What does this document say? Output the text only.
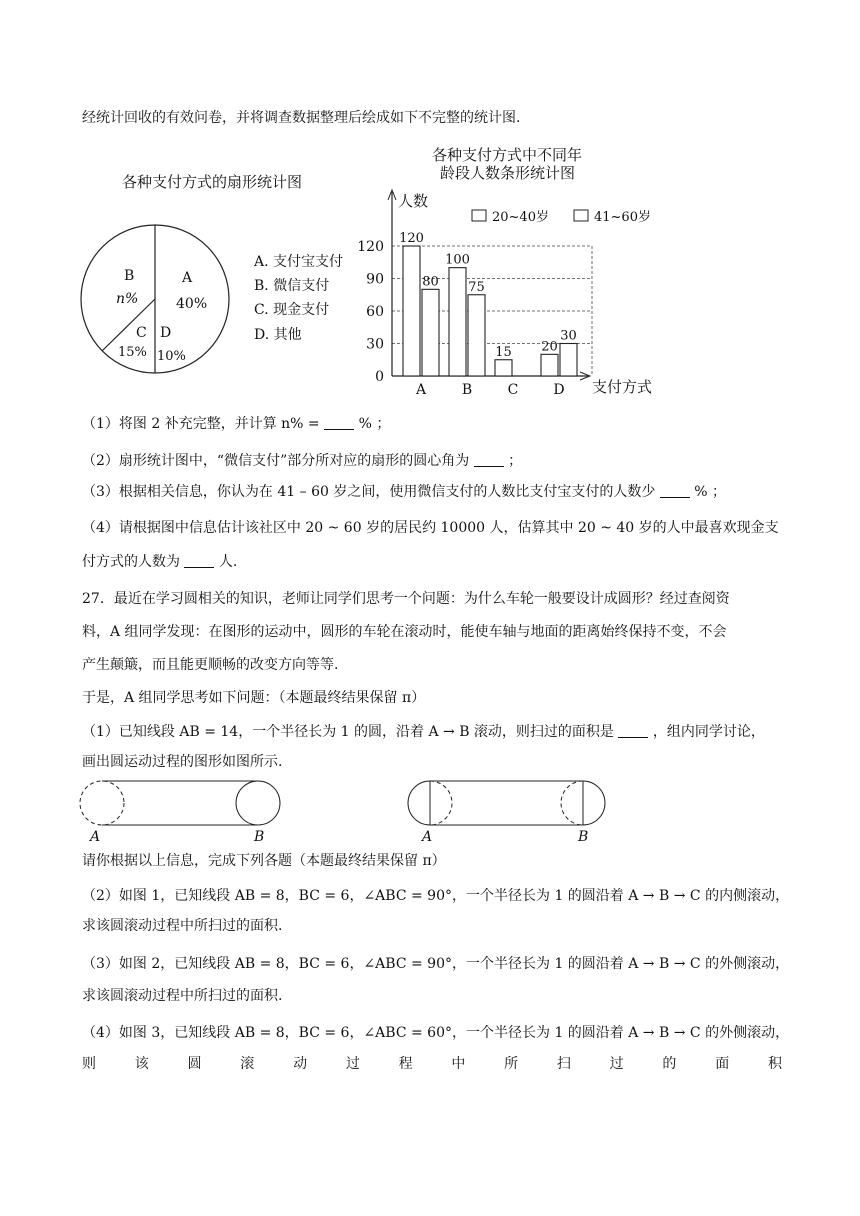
经统计回收的有效问卷，并将调查数据整理后绘成如下不完整的统计图.
各种支付方式的扇形统计图
A
40%
B
n%
C
15%
D
10%
A. 支付宝支付
B. 微信支付
C. 现金支付
D. 其他
各种支付方式中不同年
龄段人数条形统计图
人数
支付方式
20~40岁	41~60岁
0
30
60
90
120
120
80
100
75
15 20
30
A	B	C	D
（1）将图 2 补充完整，并计算 n% =	% ；
（2）扇形统计图中，“微信支付”部分所对应的扇形的圆心角为	；
（3）根据相关信息，你认为在 41 – 60 岁之间，使用微信支付的人数比支付宝支付的人数少	% ；
（4）请根据图中信息估计该社区中 20 ~ 60 岁的居民约 10000 人，估算其中 20 ~ 40 岁的人中最喜欢现金支
付方式的人数为	人.
27．最近在学习圆相关的知识，老师让同学们思考一个问题：为什么车轮一般要设计成圆形？经过查阅资
料，A 组同学发现：在图形的运动中，圆形的车轮在滚动时，能使车轴与地面的距离始终保持不变，不会
产生颠簸，而且能更顺畅的改变方向等等.
于是，A 组同学思考如下问题：（本题最终结果保留 π）
（1）已知线段 AB = 14，一个半径长为 1 的圆，沿着 A → B 滚动，则扫过的面积是	，组内同学讨论，
画出圆运动过程的图形如图所示.
A	B	A	B
请你根据以上信息，完成下列各题（本题最终结果保留 π）
（2）如图 1，已知线段 AB = 8，BC = 6，∠ABC = 90°，一个半径长为 1 的圆沿着 A → B → C 的内侧滚动，
求该圆滚动过程中所扫过的面积.
（3）如图 2，已知线段 AB = 8，BC = 6，∠ABC = 90°，一个半径长为 1 的圆沿着 A → B → C 的外侧滚动，
求该圆滚动过程中所扫过的面积.
（4）如图 3，已知线段 AB = 8，BC = 6，∠ABC = 60°，一个半径长为 1 的圆沿着 A → B → C 的外侧滚动，
则	该	圆	滚	动	过	程	中	所	扫	过	的	面	积
